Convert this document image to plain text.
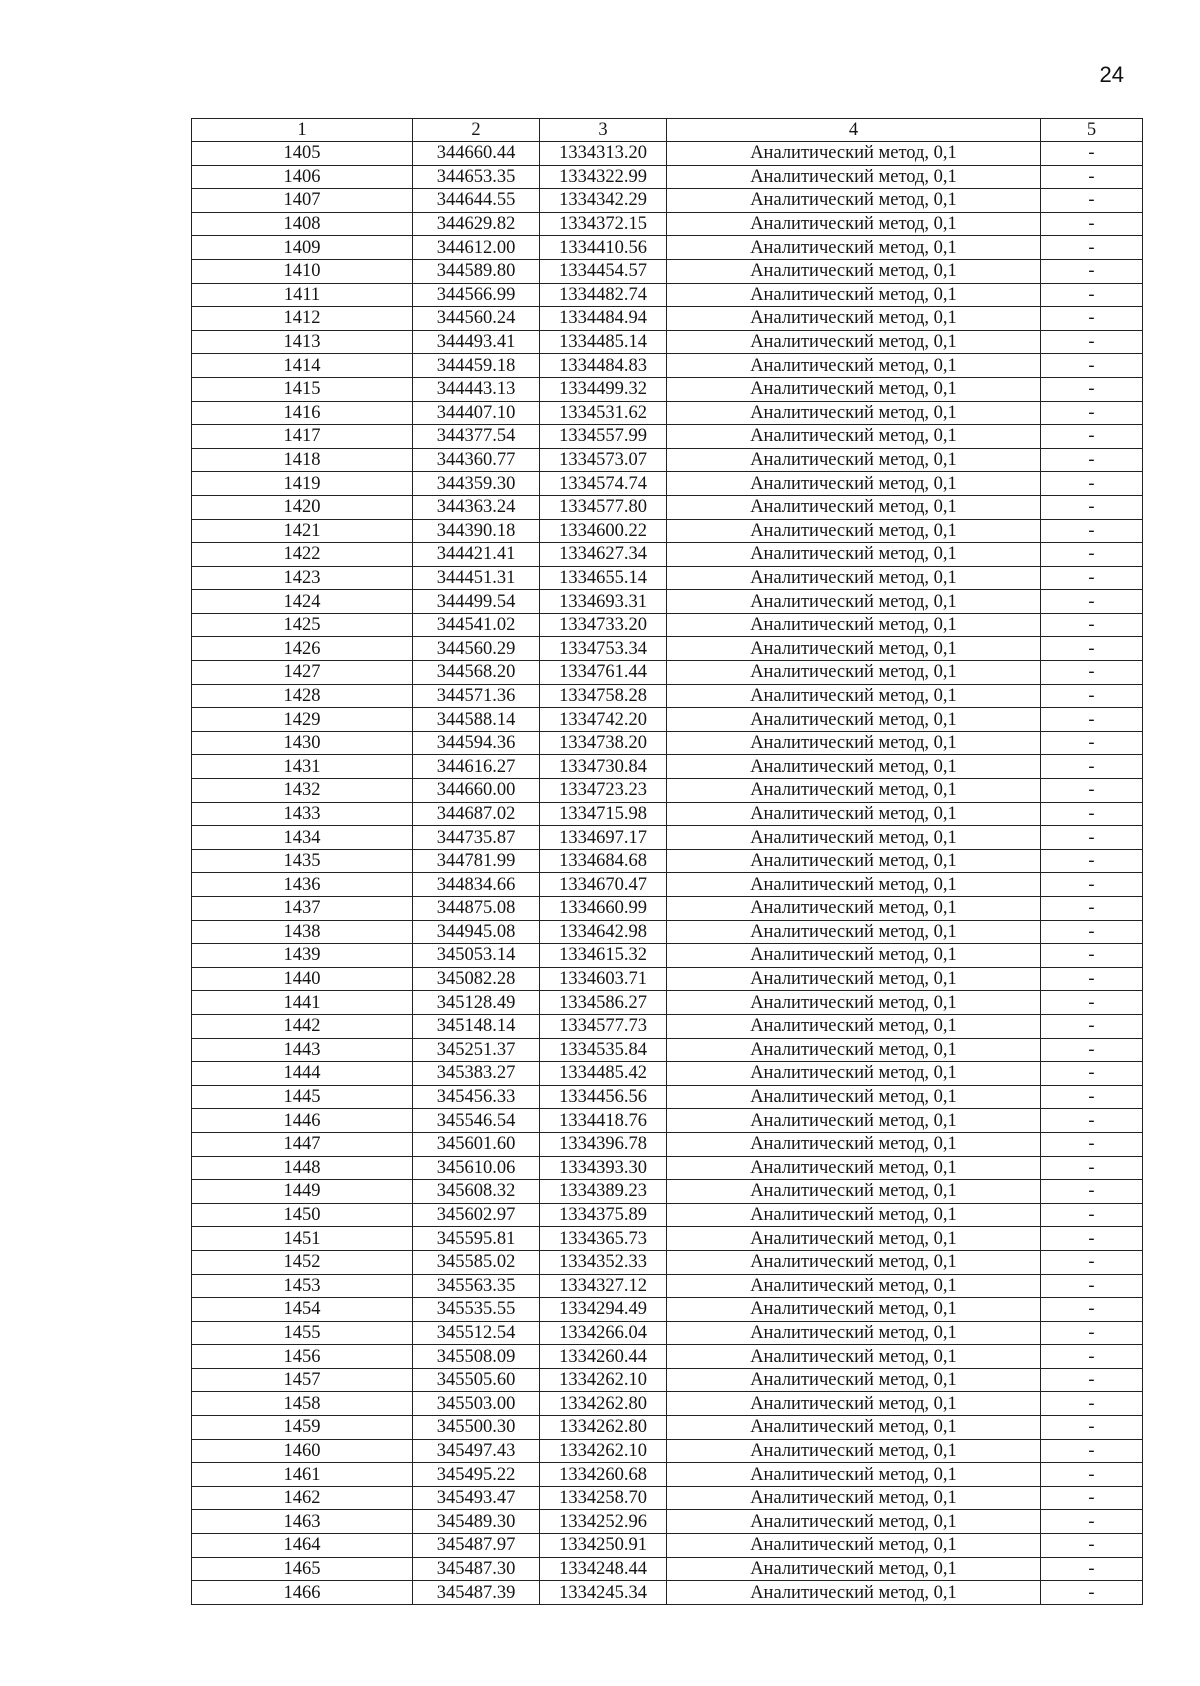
24
1	2	3	4	5
1405	344660.44	1334313.20	Аналитический метод, 0,1	-
1406	344653.35	1334322.99	Аналитический метод, 0,1	-
1407	344644.55	1334342.29	Аналитический метод, 0,1	-
1408	344629.82	1334372.15	Аналитический метод, 0,1	-
1409	344612.00	1334410.56	Аналитический метод, 0,1	-
1410	344589.80	1334454.57	Аналитический метод, 0,1	-
1411	344566.99	1334482.74	Аналитический метод, 0,1	-
1412	344560.24	1334484.94	Аналитический метод, 0,1	-
1413	344493.41	1334485.14	Аналитический метод, 0,1	-
1414	344459.18	1334484.83	Аналитический метод, 0,1	-
1415	344443.13	1334499.32	Аналитический метод, 0,1	-
1416	344407.10	1334531.62	Аналитический метод, 0,1	-
1417	344377.54	1334557.99	Аналитический метод, 0,1	-
1418	344360.77	1334573.07	Аналитический метод, 0,1	-
1419	344359.30	1334574.74	Аналитический метод, 0,1	-
1420	344363.24	1334577.80	Аналитический метод, 0,1	-
1421	344390.18	1334600.22	Аналитический метод, 0,1	-
1422	344421.41	1334627.34	Аналитический метод, 0,1	-
1423	344451.31	1334655.14	Аналитический метод, 0,1	-
1424	344499.54	1334693.31	Аналитический метод, 0,1	-
1425	344541.02	1334733.20	Аналитический метод, 0,1	-
1426	344560.29	1334753.34	Аналитический метод, 0,1	-
1427	344568.20	1334761.44	Аналитический метод, 0,1	-
1428	344571.36	1334758.28	Аналитический метод, 0,1	-
1429	344588.14	1334742.20	Аналитический метод, 0,1	-
1430	344594.36	1334738.20	Аналитический метод, 0,1	-
1431	344616.27	1334730.84	Аналитический метод, 0,1	-
1432	344660.00	1334723.23	Аналитический метод, 0,1	-
1433	344687.02	1334715.98	Аналитический метод, 0,1	-
1434	344735.87	1334697.17	Аналитический метод, 0,1	-
1435	344781.99	1334684.68	Аналитический метод, 0,1	-
1436	344834.66	1334670.47	Аналитический метод, 0,1	-
1437	344875.08	1334660.99	Аналитический метод, 0,1	-
1438	344945.08	1334642.98	Аналитический метод, 0,1	-
1439	345053.14	1334615.32	Аналитический метод, 0,1	-
1440	345082.28	1334603.71	Аналитический метод, 0,1	-
1441	345128.49	1334586.27	Аналитический метод, 0,1	-
1442	345148.14	1334577.73	Аналитический метод, 0,1	-
1443	345251.37	1334535.84	Аналитический метод, 0,1	-
1444	345383.27	1334485.42	Аналитический метод, 0,1	-
1445	345456.33	1334456.56	Аналитический метод, 0,1	-
1446	345546.54	1334418.76	Аналитический метод, 0,1	-
1447	345601.60	1334396.78	Аналитический метод, 0,1	-
1448	345610.06	1334393.30	Аналитический метод, 0,1	-
1449	345608.32	1334389.23	Аналитический метод, 0,1	-
1450	345602.97	1334375.89	Аналитический метод, 0,1	-
1451	345595.81	1334365.73	Аналитический метод, 0,1	-
1452	345585.02	1334352.33	Аналитический метод, 0,1	-
1453	345563.35	1334327.12	Аналитический метод, 0,1	-
1454	345535.55	1334294.49	Аналитический метод, 0,1	-
1455	345512.54	1334266.04	Аналитический метод, 0,1	-
1456	345508.09	1334260.44	Аналитический метод, 0,1	-
1457	345505.60	1334262.10	Аналитический метод, 0,1	-
1458	345503.00	1334262.80	Аналитический метод, 0,1	-
1459	345500.30	1334262.80	Аналитический метод, 0,1	-
1460	345497.43	1334262.10	Аналитический метод, 0,1	-
1461	345495.22	1334260.68	Аналитический метод, 0,1	-
1462	345493.47	1334258.70	Аналитический метод, 0,1	-
1463	345489.30	1334252.96	Аналитический метод, 0,1	-
1464	345487.97	1334250.91	Аналитический метод, 0,1	-
1465	345487.30	1334248.44	Аналитический метод, 0,1	-
1466	345487.39	1334245.34	Аналитический метод, 0,1	-
